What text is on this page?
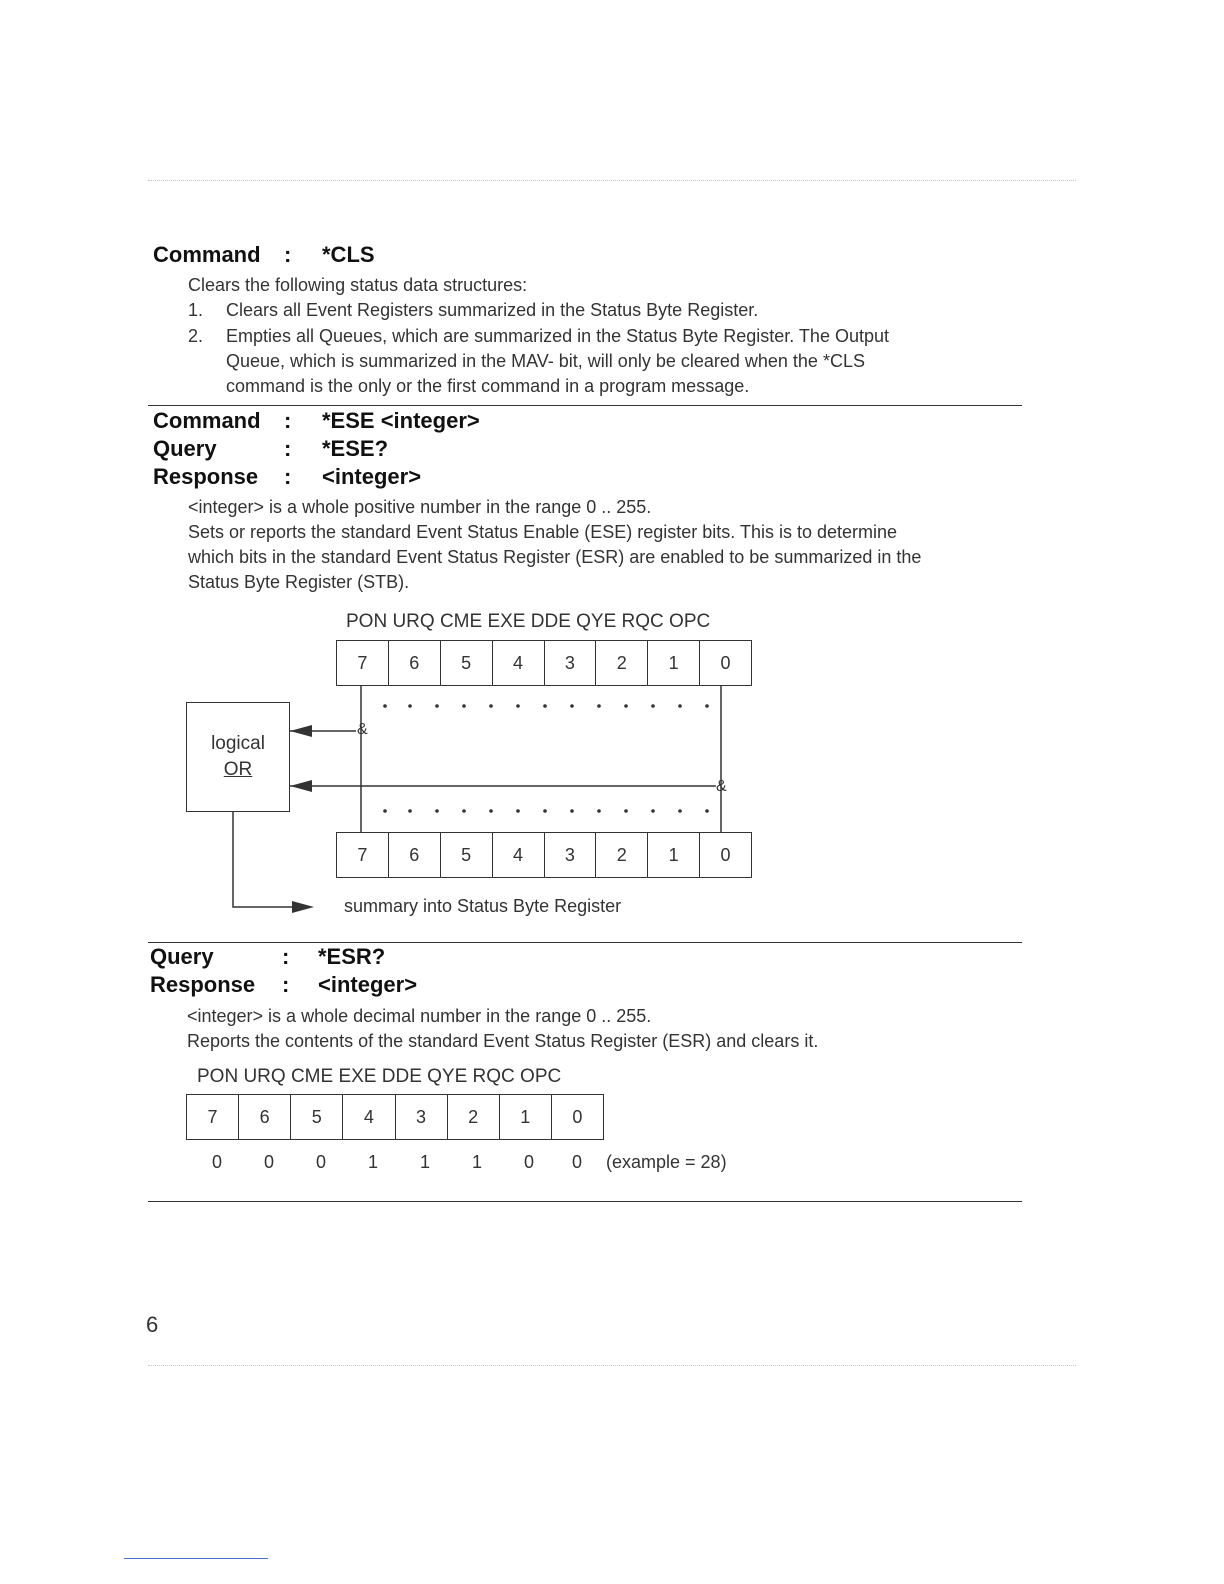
Command : *CLS
Clears the following status data structures:
1. Clears all Event Registers summarized in the Status Byte Register.
2. Empties all Queues, which are summarized in the Status Byte Register. The Output
Queue, which is summarized in the MAV- bit, will only be cleared when the *CLS
command is the only or the first command in a program message.
Command : *ESE <integer>
Query	: *ESE?
Response : <integer>
<integer> is a whole positive number in the range 0 .. 255.
Sets or reports the standard Event Status Enable (ESE) register bits. This is to determine
which bits in the standard Event Status Register (ESR) are enabled to be summarized in the
Status Byte Register (STB).
PON URQ CME EXE DDE QYE RQC OPC
7	6	5	4	3	2	1	0
&
&
logical
OR
7	6	5	4	3	2	1	0
summary into Status Byte Register
Query	: *ESR?
Response : <integer>
<integer> is a whole decimal number in the range 0 .. 255.
Reports the contents of the standard Event Status Register (ESR) and clears it.
PON URQ CME EXE DDE QYE RQC OPC
7	6	5	4	3	2	1	0
0 0 0 1 1 1 0 0 (example = 28)
6
